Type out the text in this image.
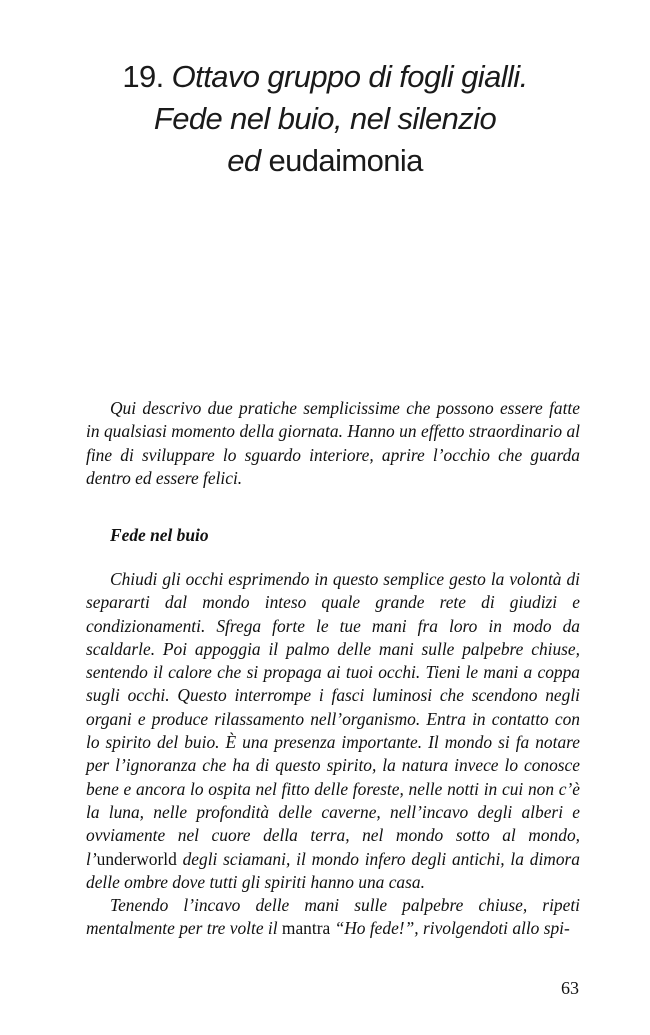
19. Ottavo gruppo di fogli gialli.
Fede nel buio, nel silenzio
ed eudaimonia

Qui descrivo due pratiche semplicissime che possono essere fatte in qualsiasi momento della giornata. Hanno un effetto straordinario al fine di sviluppare lo sguardo interiore, aprire l’occhio che guarda dentro ed essere felici.

Fede nel buio

Chiudi gli occhi esprimendo in questo semplice gesto la volontà di separarti dal mondo inteso quale grande rete di giudizi e condizionamenti. Sfrega forte le tue mani fra loro in modo da scaldarle. Poi appoggia il palmo delle mani sulle palpebre chiuse, sentendo il calore che si propaga ai tuoi occhi. Tieni le mani a coppa sugli occhi. Questo interrompe i fasci luminosi che scendono negli organi e produce rilassamento nell’organismo. Entra in contatto con lo spirito del buio. È una presenza importante. Il mondo si fa notare per l’ignoranza che ha di questo spirito, la natura invece lo conosce bene e ancora lo ospita nel fitto delle foreste, nelle notti in cui non c’è la luna, nelle profondità delle caverne, nell’incavo degli alberi e ovviamente nel cuore della terra, nel mondo sotto al mondo, l’underworld degli sciamani, il mondo infero degli antichi, la dimora delle ombre dove tutti gli spiriti hanno una casa.

Tenendo l’incavo delle mani sulle palpebre chiuse, ripeti mentalmente per tre volte il mantra “Ho fede!”, rivolgendoti allo spi-

63
